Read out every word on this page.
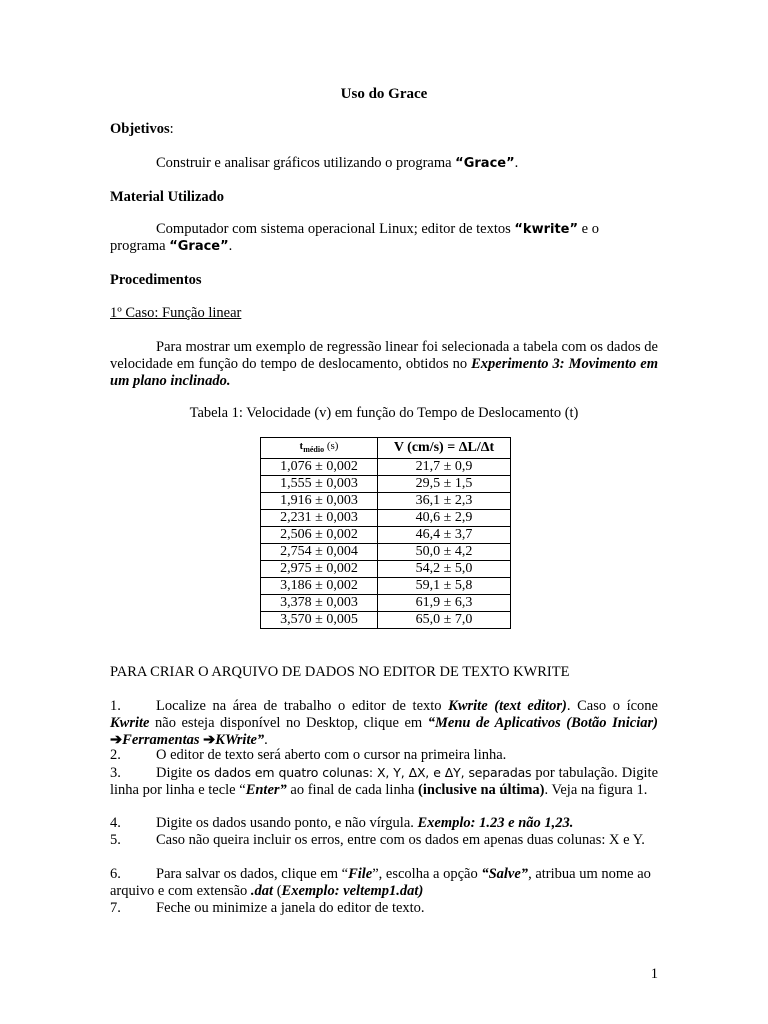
Uso do Grace
Objetivos:
Construir e analisar gráficos utilizando o programa “Grace”.
Material Utilizado
Computador com sistema operacional Linux; editor de textos “kwrite” e o programa “Grace”.
Procedimentos
1º Caso: Função linear
Para mostrar um exemplo de regressão linear foi selecionada a tabela com os dados de velocidade em função do tempo de deslocamento, obtidos no Experimento 3: Movimento em um plano inclinado.
Tabela 1: Velocidade (v) em função do Tempo de Deslocamento (t)
$t_{médio}$ (s)	V (cm/s) = ΔL/Δt
1,076 ± 0,002	21,7 ± 0,9
1,555 ± 0,003	29,5 ± 1,5
1,916 ± 0,003	36,1 ± 2,3
2,231 ± 0,003	40,6 ± 2,9
2,506 ± 0,002	46,4 ± 3,7
2,754 ± 0,004	50,0 ± 4,2
2,975 ± 0,002	54,2 ± 5,0
3,186 ± 0,002	59,1 ± 5,8
3,378 ± 0,003	61,9 ± 6,3
3,570 ± 0,005	65,0 ± 7,0
PARA CRIAR O ARQUIVO DE DADOS NO EDITOR DE TEXTO KWRITE
1. Localize na área de trabalho o editor de texto Kwrite (text editor). Caso o ícone Kwrite não esteja disponível no Desktop, clique em “Menu de Aplicativos (Botão Iniciar) ➔Ferramentas ➔KWrite”.
2. O editor de texto será aberto com o cursor na primeira linha.
3. Digite os dados em quatro colunas: X, Y, ΔX, e ΔY, separadas por tabulação. Digite linha por linha e tecle “Enter” ao final de cada linha (inclusive na última). Veja na figura 1.
4. Digite os dados usando ponto, e não vírgula. Exemplo: 1.23 e não 1,23.
5. Caso não queira incluir os erros, entre com os dados em apenas duas colunas: X e Y.
6. Para salvar os dados, clique em “File”, escolha a opção “Salve”, atribua um nome ao arquivo e com extensão .dat (Exemplo: veltemp1.dat)
7. Feche ou minimize a janela do editor de texto.
1
